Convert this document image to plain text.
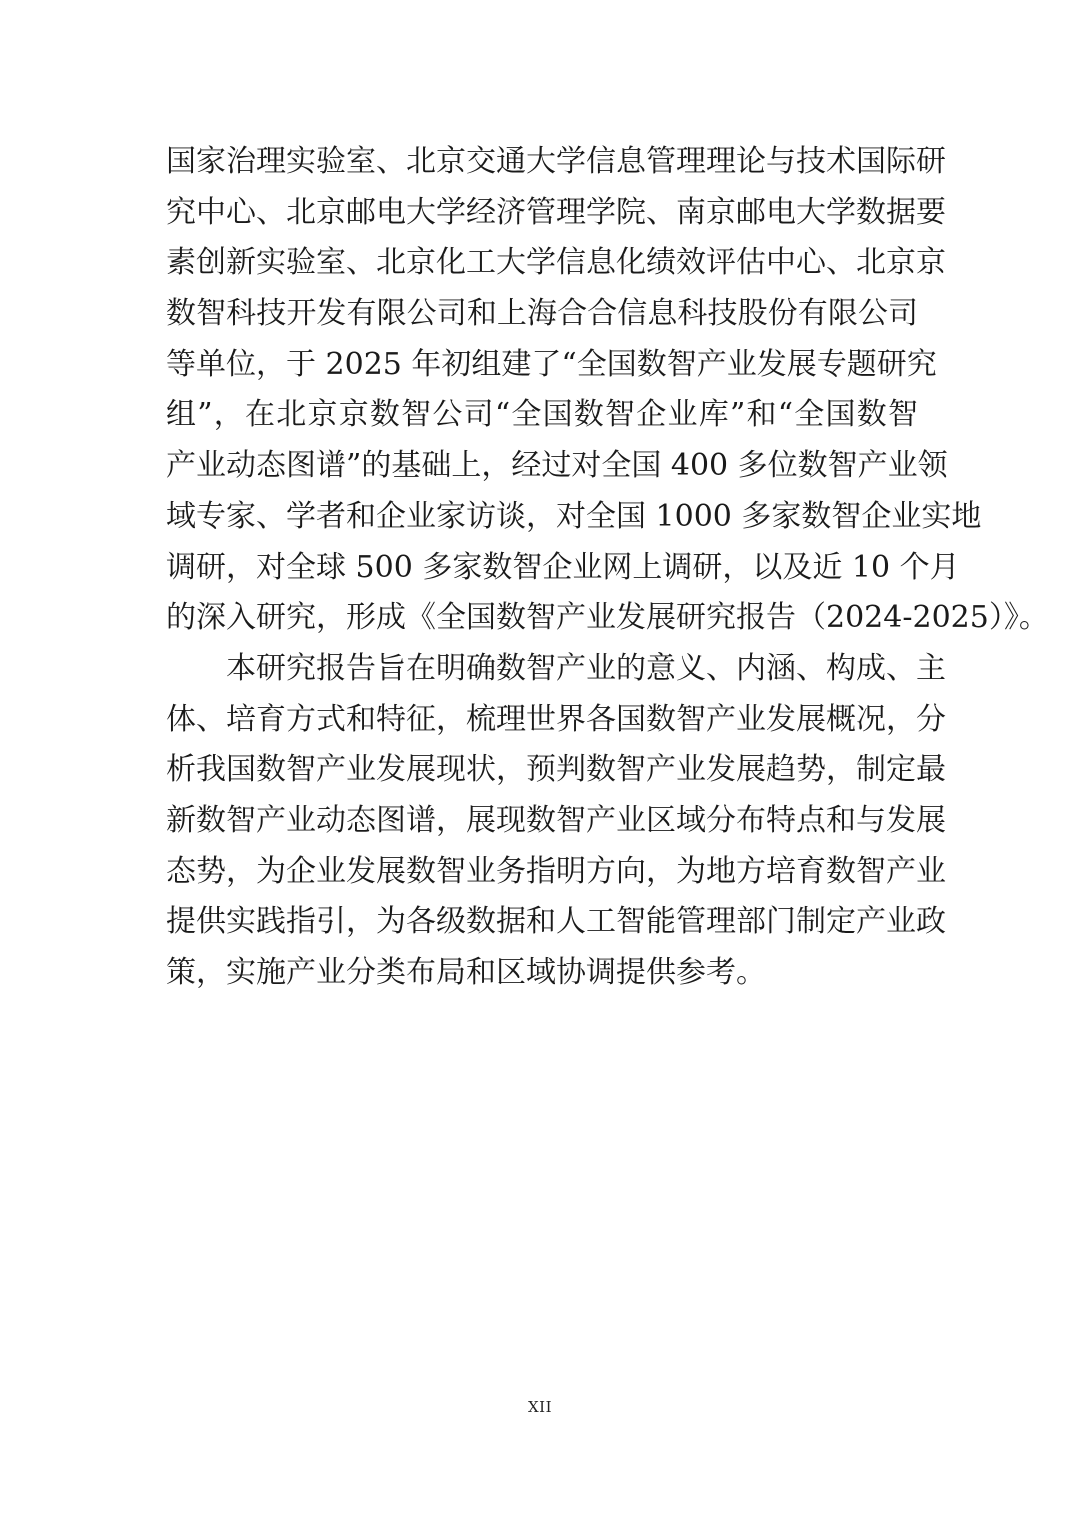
国家治理实验室、北京交通大学信息管理理论与技术国际研
究中心、北京邮电大学经济管理学院、南京邮电大学数据要
素创新实验室、北京化工大学信息化绩效评估中心、北京京
数智科技开发有限公司和上海合合信息科技股份有限公司
等单位，于 2025 年初组建了“全国数智产业发展专题研究
组”，在北京京数智公司“全国数智企业库”和“全国数智
产业动态图谱”的基础上，经过对全国 400 多位数智产业领
域专家、学者和企业家访谈，对全国 1000 多家数智企业实地
调研，对全球 500 多家数智企业网上调研，以及近 10 个月
的深入研究，形成《全国数智产业发展研究报告（2024-2025）》。
本研究报告旨在明确数智产业的意义、内涵、构成、主
体、培育方式和特征，梳理世界各国数智产业发展概况，分
析我国数智产业发展现状，预判数智产业发展趋势，制定最
新数智产业动态图谱，展现数智产业区域分布特点和与发展
态势，为企业发展数智业务指明方向，为地方培育数智产业
提供实践指引，为各级数据和人工智能管理部门制定产业政
策，实施产业分类布局和区域协调提供参考。
XII
